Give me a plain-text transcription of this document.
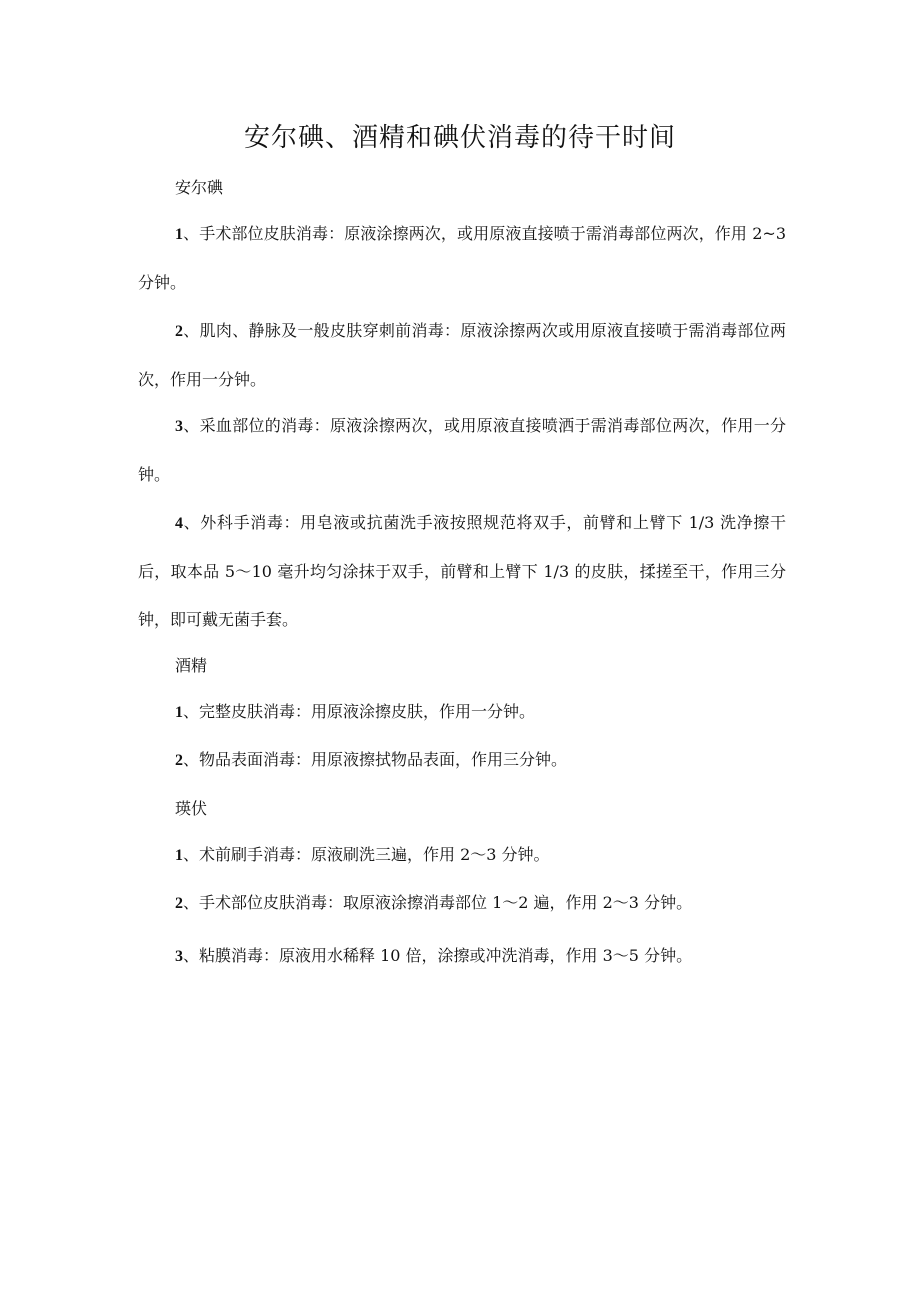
安尔碘、酒精和碘伏消毒的待干时间

安尔碘

1、手术部位皮肤消毒：原液涂擦两次，或用原液直接喷于需消毒部位两次，作用 2~3 分钟。

2、肌肉、静脉及一般皮肤穿刺前消毒：原液涂擦两次或用原液直接喷于需消毒部位两次，作用一分钟。

3、采血部位的消毒：原液涂擦两次，或用原液直接喷洒于需消毒部位两次，作用一分钟。

4、外科手消毒：用皂液或抗菌洗手液按照规范将双手，前臂和上臂下 1/3 洗净擦干后，取本品 5～10 毫升均匀涂抹于双手，前臂和上臂下 1/3 的皮肤，揉搓至干，作用三分钟，即可戴无菌手套。

酒精

1、完整皮肤消毒：用原液涂擦皮肤，作用一分钟。

2、物品表面消毒：用原液擦拭物品表面，作用三分钟。

瑛伏

1、术前刷手消毒：原液刷洗三遍，作用 2～3 分钟。

2、手术部位皮肤消毒：取原液涂擦消毒部位 1～2 遍，作用 2～3 分钟。

3、粘膜消毒：原液用水稀释 10 倍，涂擦或冲洗消毒，作用 3～5 分钟。
